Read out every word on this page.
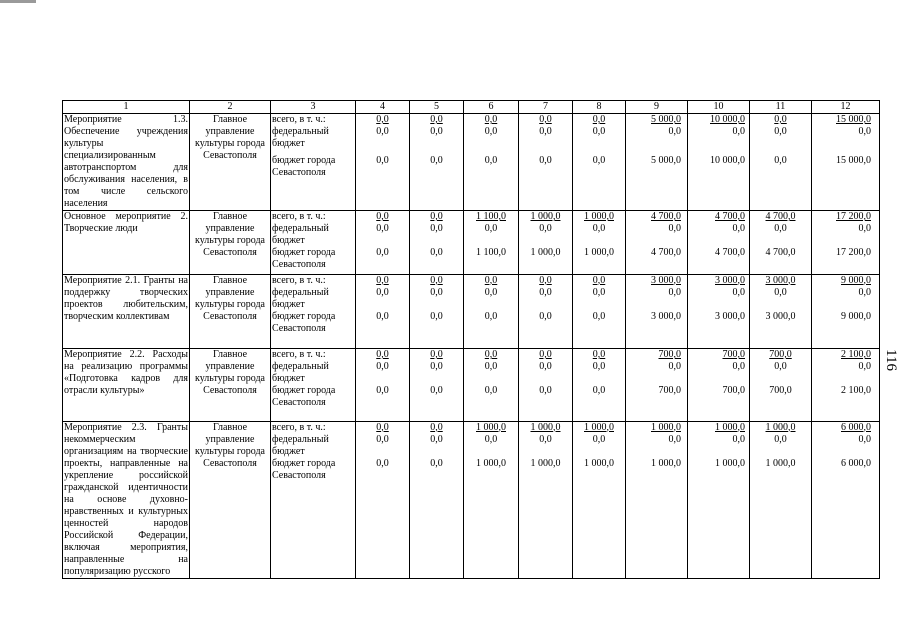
116
1	2	3	4	5	6	7	8	9	10	11	12
Мероприятие 1.3. Обеспечение учреждения культуры специализированным автотранспортом для обслуживания населения, в том числе сельского населения	Главное управление культуры города Севастополя	всего, в т. ч.:	0,0	0,0	0,0	0,0	0,0	5 000,0	10 000,0	0,0	15 000,0
		федеральный бюджет	0,0	0,0	0,0	0,0	0,0	0,0	0,0	0,0	0,0
		бюджет города Севастополя	0,0	0,0	0,0	0,0	0,0	5 000,0	10 000,0	0,0	15 000,0
Основное мероприятие 2. Творческие люди	Главное управление культуры города Севастополя	всего, в т. ч.:	0,0	0,0	1 100,0	1 000,0	1 000,0	4 700,0	4 700,0	4 700,0	17 200,0
		федеральный бюджет	0,0	0,0	0,0	0,0	0,0	0,0	0,0	0,0	0,0
		бюджет города Севастополя	0,0	0,0	1 100,0	1 000,0	1 000,0	4 700,0	4 700,0	4 700,0	17 200,0
Мероприятие 2.1. Гранты на поддержку творческих проектов любительским, творческим коллективам	Главное управление культуры города Севастополя	всего, в т. ч.:	0,0	0,0	0,0	0,0	0,0	3 000,0	3 000,0	3 000,0	9 000,0
		федеральный бюджет	0,0	0,0	0,0	0,0	0,0	0,0	0,0	0,0	0,0
		бюджет города Севастополя	0,0	0,0	0,0	0,0	0,0	3 000,0	3 000,0	3 000,0	9 000,0
Мероприятие 2.2. Расходы на реализацию программы «Подготовка кадров для отрасли культуры»	Главное управление культуры города Севастополя	всего, в т. ч.:	0,0	0,0	0,0	0,0	0,0	700,0	700,0	700,0	2 100,0
		федеральный бюджет	0,0	0,0	0,0	0,0	0,0	0,0	0,0	0,0	0,0
		бюджет города Севастополя	0,0	0,0	0,0	0,0	0,0	700,0	700,0	700,0	2 100,0
Мероприятие 2.3. Гранты некоммерческим организациям на творческие проекты, направленные на укрепление российской гражданской идентичности на основе духовно-нравственных и культурных ценностей народов Российской Федерации, включая мероприятия, направленные на популяризацию русского	Главное управление культуры города Севастополя	всего, в т. ч.:	0,0	0,0	1 000,0	1 000,0	1 000,0	1 000,0	1 000,0	1 000,0	6 000,0
		федеральный бюджет	0,0	0,0	0,0	0,0	0,0	0,0	0,0	0,0	0,0
		бюджет города Севастополя	0,0	0,0	1 000,0	1 000,0	1 000,0	1 000,0	1 000,0	1 000,0	6 000,0
